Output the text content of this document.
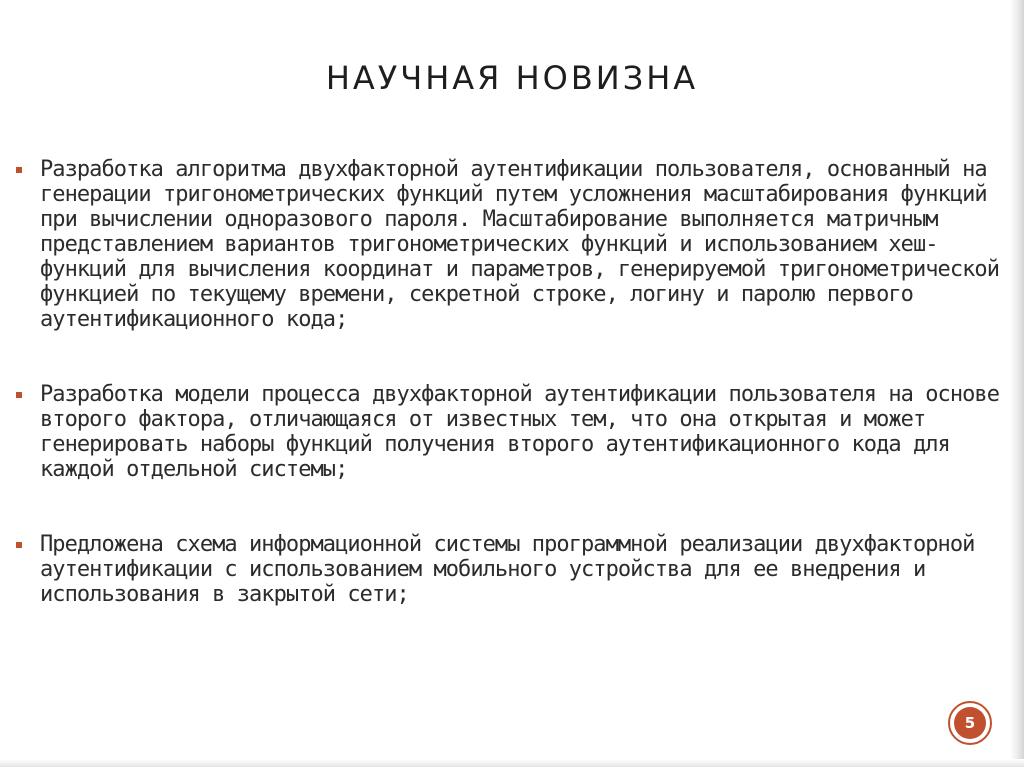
НАУЧНАЯ НОВИЗНА
Разработка алгоритма двухфакторной аутентификации пользователя, основанный на генерации тригонометрических функций путем усложнения масштабирования функций при вычислении одноразового пароля. Масштабирование выполняется матричным представлением вариантов тригонометрических функций и использованием хеш-функций для вычисления координат и параметров, генерируемой тригонометрической функцией по текущему времени, секретной строке, логину и паролю первого аутентификационного кода;
Разработка модели процесса двухфакторной аутентификации пользователя на основе второго фактора, отличающаяся от известных тем, что она открытая и может генерировать наборы функций получения второго аутентификационного кода для каждой отдельной системы;
Предложена схема информационной системы программной реализации двухфакторной аутентификации с использованием мобильного устройства для ее внедрения и использования в закрытой сети;
5
